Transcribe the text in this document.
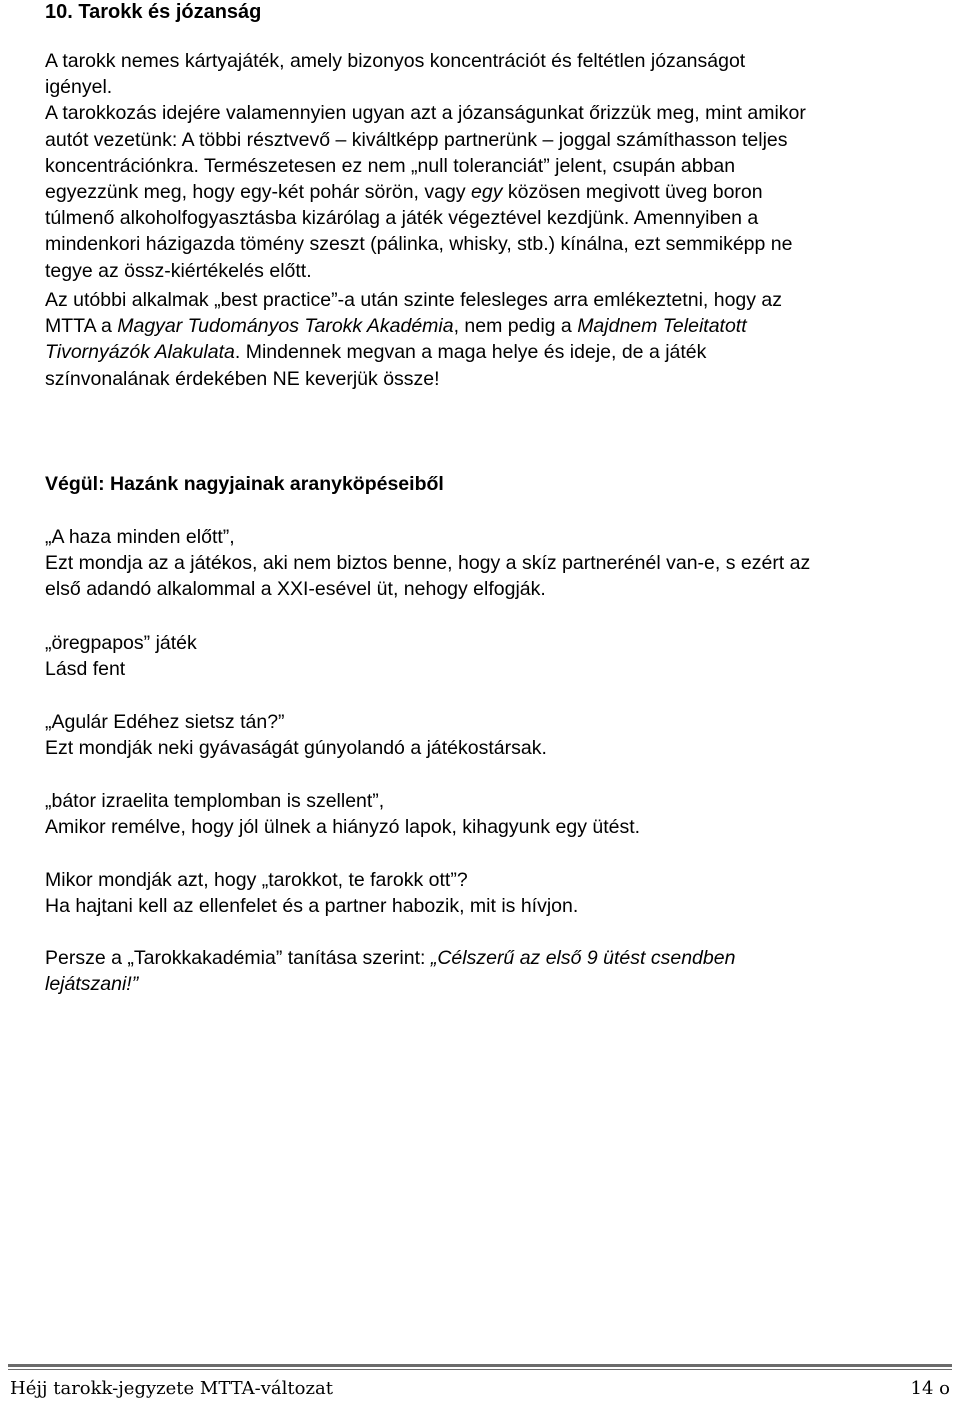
10. Tarokk és józanság
A tarokk nemes kártyajáték, amely bizonyos koncentrációt és feltétlen józanságot
igényel.
A tarokkozás idejére valamennyien ugyan azt a józanságunkat őrizzük meg, mint amikor
autót vezetünk: A többi résztvevő – kiváltképp partnerünk – joggal számíthasson teljes
koncentrációnkra. Természetesen ez nem „null toleranciát” jelent, csupán abban
egyezzünk meg, hogy egy-két pohár sörön, vagy egy közösen megivott üveg boron
túlmenő alkoholfogyasztásba kizárólag a játék végeztével kezdjünk. Amennyiben a
mindenkori házigazda tömény szeszt (pálinka, whisky, stb.) kínálna, ezt semmiképp ne
tegye az össz-kiértékelés előtt.
Az utóbbi alkalmak „best practice”-a után szinte felesleges arra emlékeztetni, hogy az
MTTA a Magyar Tudományos Tarokk Akadémia, nem pedig a Majdnem Teleitatott
Tivornyázók Alakulata. Mindennek megvan a maga helye és ideje, de a játék
színvonalának érdekében NE keverjük össze!
Végül: Hazánk nagyjainak aranyköpéseiből
„A haza minden előtt”,
Ezt mondja az a játékos, aki nem biztos benne, hogy a skíz partnerénél van-e, s ezért az
első adandó alkalommal a XXI-esével üt, nehogy elfogják.
„öregpapos” játék
Lásd fent
„Agulár Edéhez sietsz tán?”
Ezt mondják neki gyávaságát gúnyolandó a játékostársak.
„bátor izraelita templomban is szellent”,
Amikor remélve, hogy jól ülnek a hiányzó lapok, kihagyunk egy ütést.
Mikor mondják azt, hogy „tarokkot, te farokk ott”?
Ha hajtani kell az ellenfelet és a partner habozik, mit is hívjon.
Persze a „Tarokkakadémia” tanítása szerint: „Célszerű az első 9 ütést csendben
lejátszani!”
Héjj tarokk-jegyzete MTTA-változat	14 o
